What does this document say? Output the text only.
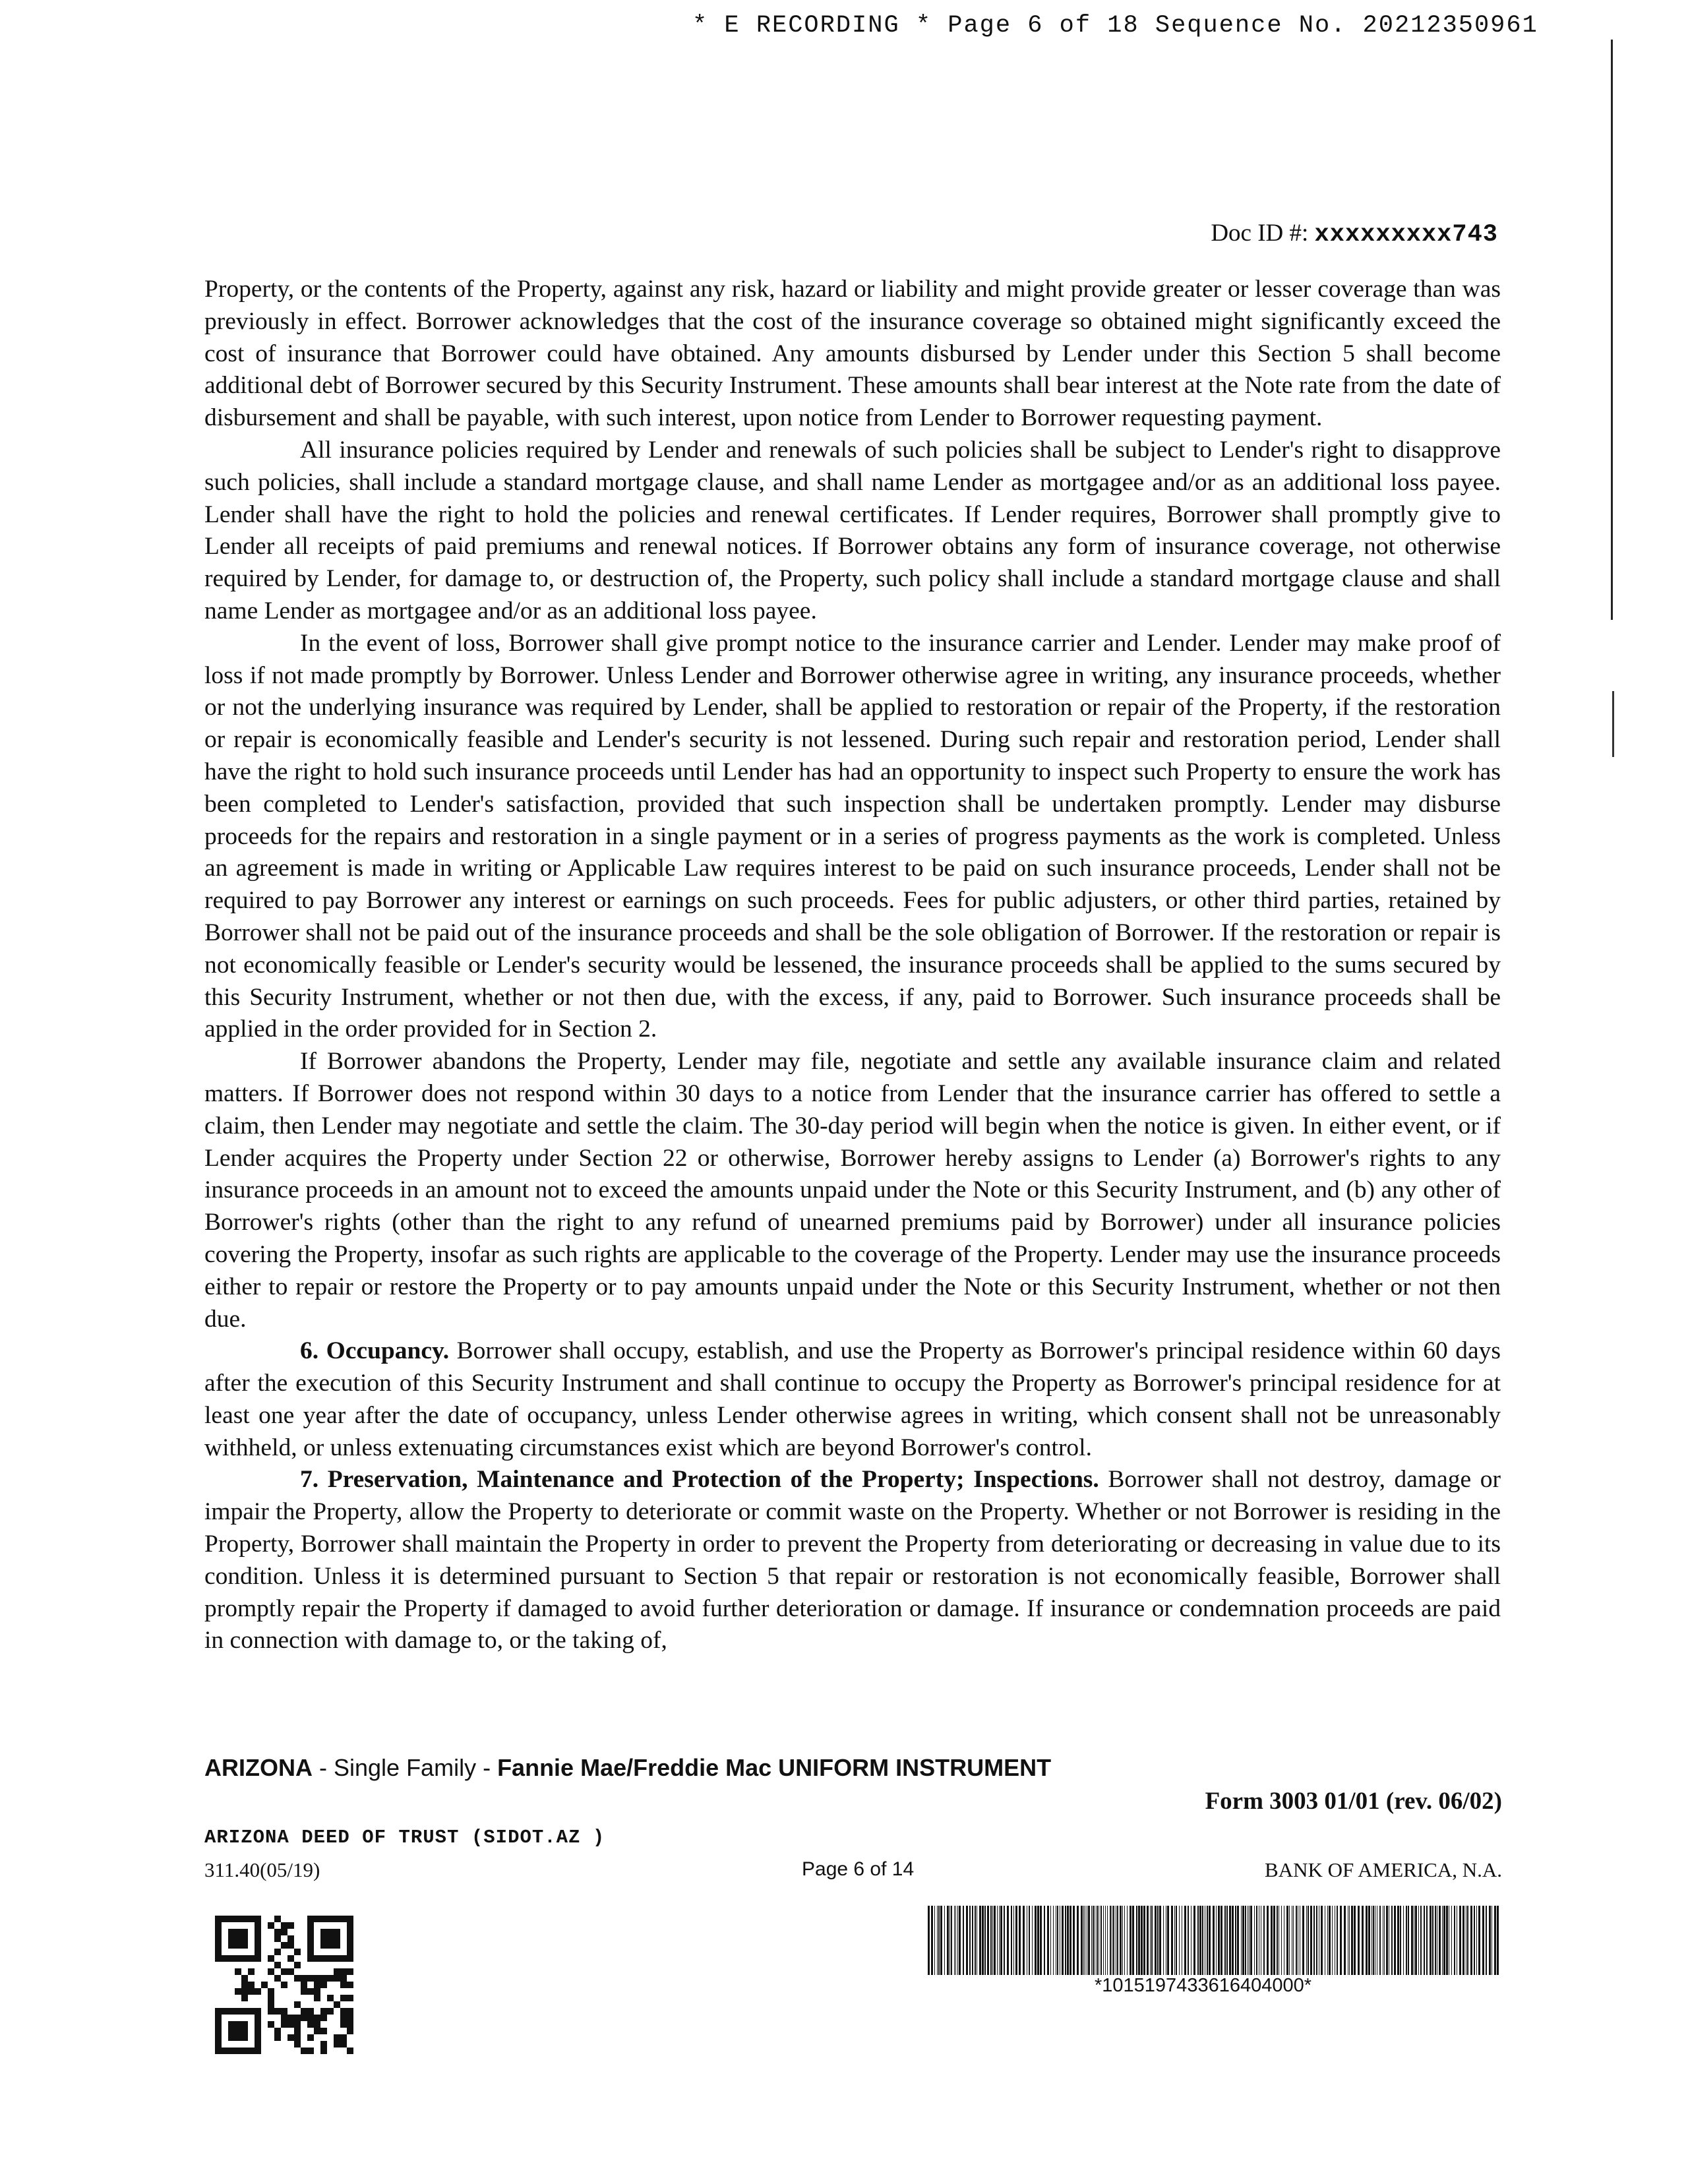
* E RECORDING * Page 6 of 18 Sequence No. 20212350961
Doc ID #: xxxxxxxxx743

Property, or the contents of the Property, against any risk, hazard or liability and might provide greater or lesser coverage than was previously in effect. Borrower acknowledges that the cost of the insurance coverage so obtained might significantly exceed the cost of insurance that Borrower could have obtained. Any amounts disbursed by Lender under this Section 5 shall become additional debt of Borrower secured by this Security Instrument. These amounts shall bear interest at the Note rate from the date of disbursement and shall be payable, with such interest, upon notice from Lender to Borrower requesting payment.

All insurance policies required by Lender and renewals of such policies shall be subject to Lender's right to disapprove such policies, shall include a standard mortgage clause, and shall name Lender as mortgagee and/or as an additional loss payee. Lender shall have the right to hold the policies and renewal certificates. If Lender requires, Borrower shall promptly give to Lender all receipts of paid premiums and renewal notices. If Borrower obtains any form of insurance coverage, not otherwise required by Lender, for damage to, or destruction of, the Property, such policy shall include a standard mortgage clause and shall name Lender as mortgagee and/or as an additional loss payee.

In the event of loss, Borrower shall give prompt notice to the insurance carrier and Lender. Lender may make proof of loss if not made promptly by Borrower. Unless Lender and Borrower otherwise agree in writing, any insurance proceeds, whether or not the underlying insurance was required by Lender, shall be applied to restoration or repair of the Property, if the restoration or repair is economically feasible and Lender's security is not lessened. During such repair and restoration period, Lender shall have the right to hold such insurance proceeds until Lender has had an opportunity to inspect such Property to ensure the work has been completed to Lender's satisfaction, provided that such inspection shall be undertaken promptly. Lender may disburse proceeds for the repairs and restoration in a single payment or in a series of progress payments as the work is completed. Unless an agreement is made in writing or Applicable Law requires interest to be paid on such insurance proceeds, Lender shall not be required to pay Borrower any interest or earnings on such proceeds. Fees for public adjusters, or other third parties, retained by Borrower shall not be paid out of the insurance proceeds and shall be the sole obligation of Borrower. If the restoration or repair is not economically feasible or Lender's security would be lessened, the insurance proceeds shall be applied to the sums secured by this Security Instrument, whether or not then due, with the excess, if any, paid to Borrower. Such insurance proceeds shall be applied in the order provided for in Section 2.

If Borrower abandons the Property, Lender may file, negotiate and settle any available insurance claim and related matters. If Borrower does not respond within 30 days to a notice from Lender that the insurance carrier has offered to settle a claim, then Lender may negotiate and settle the claim. The 30-day period will begin when the notice is given. In either event, or if Lender acquires the Property under Section 22 or otherwise, Borrower hereby assigns to Lender (a) Borrower's rights to any insurance proceeds in an amount not to exceed the amounts unpaid under the Note or this Security Instrument, and (b) any other of Borrower's rights (other than the right to any refund of unearned premiums paid by Borrower) under all insurance policies covering the Property, insofar as such rights are applicable to the coverage of the Property. Lender may use the insurance proceeds either to repair or restore the Property or to pay amounts unpaid under the Note or this Security Instrument, whether or not then due.

6. Occupancy. Borrower shall occupy, establish, and use the Property as Borrower's principal residence within 60 days after the execution of this Security Instrument and shall continue to occupy the Property as Borrower's principal residence for at least one year after the date of occupancy, unless Lender otherwise agrees in writing, which consent shall not be unreasonably withheld, or unless extenuating circumstances exist which are beyond Borrower's control.

7. Preservation, Maintenance and Protection of the Property; Inspections. Borrower shall not destroy, damage or impair the Property, allow the Property to deteriorate or commit waste on the Property. Whether or not Borrower is residing in the Property, Borrower shall maintain the Property in order to prevent the Property from deteriorating or decreasing in value due to its condition. Unless it is determined pursuant to Section 5 that repair or restoration is not economically feasible, Borrower shall promptly repair the Property if damaged to avoid further deterioration or damage. If insurance or condemnation proceeds are paid in connection with damage to, or the taking of,

ARIZONA - Single Family - Fannie Mae/Freddie Mac UNIFORM INSTRUMENT
Form 3003 01/01 (rev. 06/02)
ARIZONA DEED OF TRUST (SIDOT.AZ )
311.40(05/19)	Page 6 of 14	BANK OF AMERICA, N.A.
*1015197433616404000*
